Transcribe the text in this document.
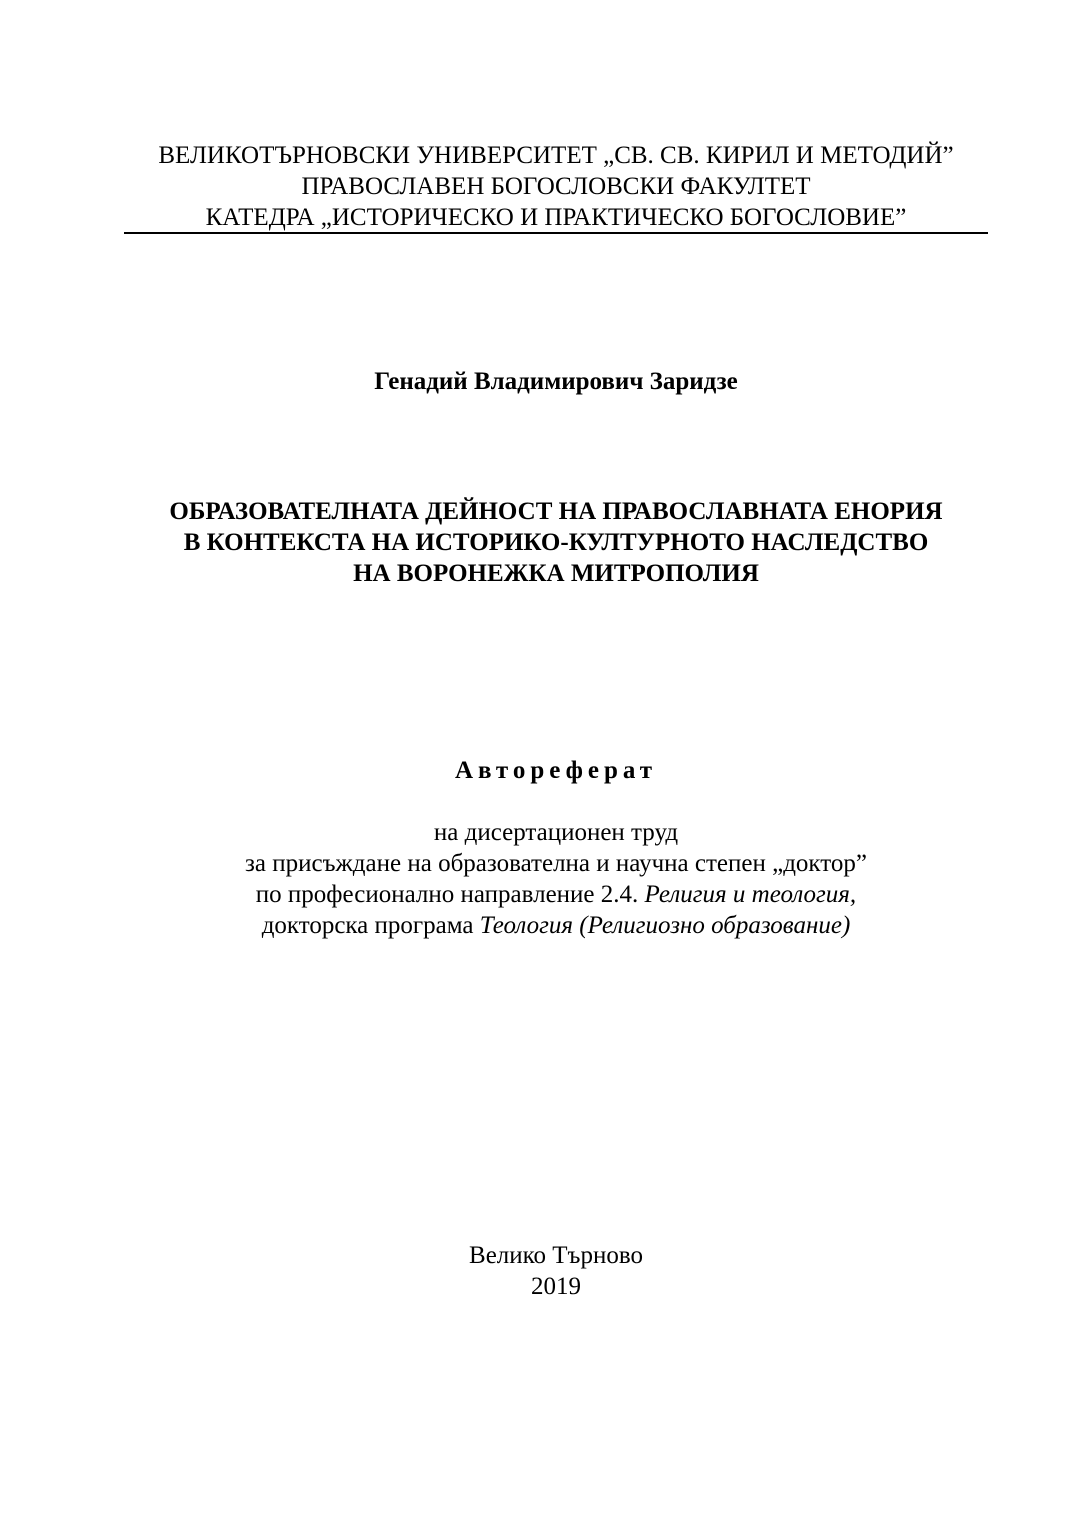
ВЕЛИКОТЪРНОВСКИ УНИВЕРСИТЕТ „СВ. СВ. КИРИЛ И МЕТОДИЙ”
ПРАВОСЛАВЕН БОГОСЛОВСКИ ФАКУЛТЕТ
КАТЕДРА „ИСТОРИЧЕСКО И ПРАКТИЧЕСКО БОГОСЛОВИЕ”
Генадий Владимирович Заридзе
ОБРАЗОВАТЕЛНАТА ДЕЙНОСТ НА ПРАВОСЛАВНАТА ЕНОРИЯ
В КОНТЕКСТА НА ИСТОРИКО-КУЛТУРНОТО НАСЛЕДСТВО
НА ВОРОНЕЖКА МИТРОПОЛИЯ
Автореферат
на дисертационен труд
за присъждане на образователна и научна степен „доктор”
по професионално направление 2.4. Религия и теология,
докторска програма Теология (Религиозно образование)
Велико Търново
2019
